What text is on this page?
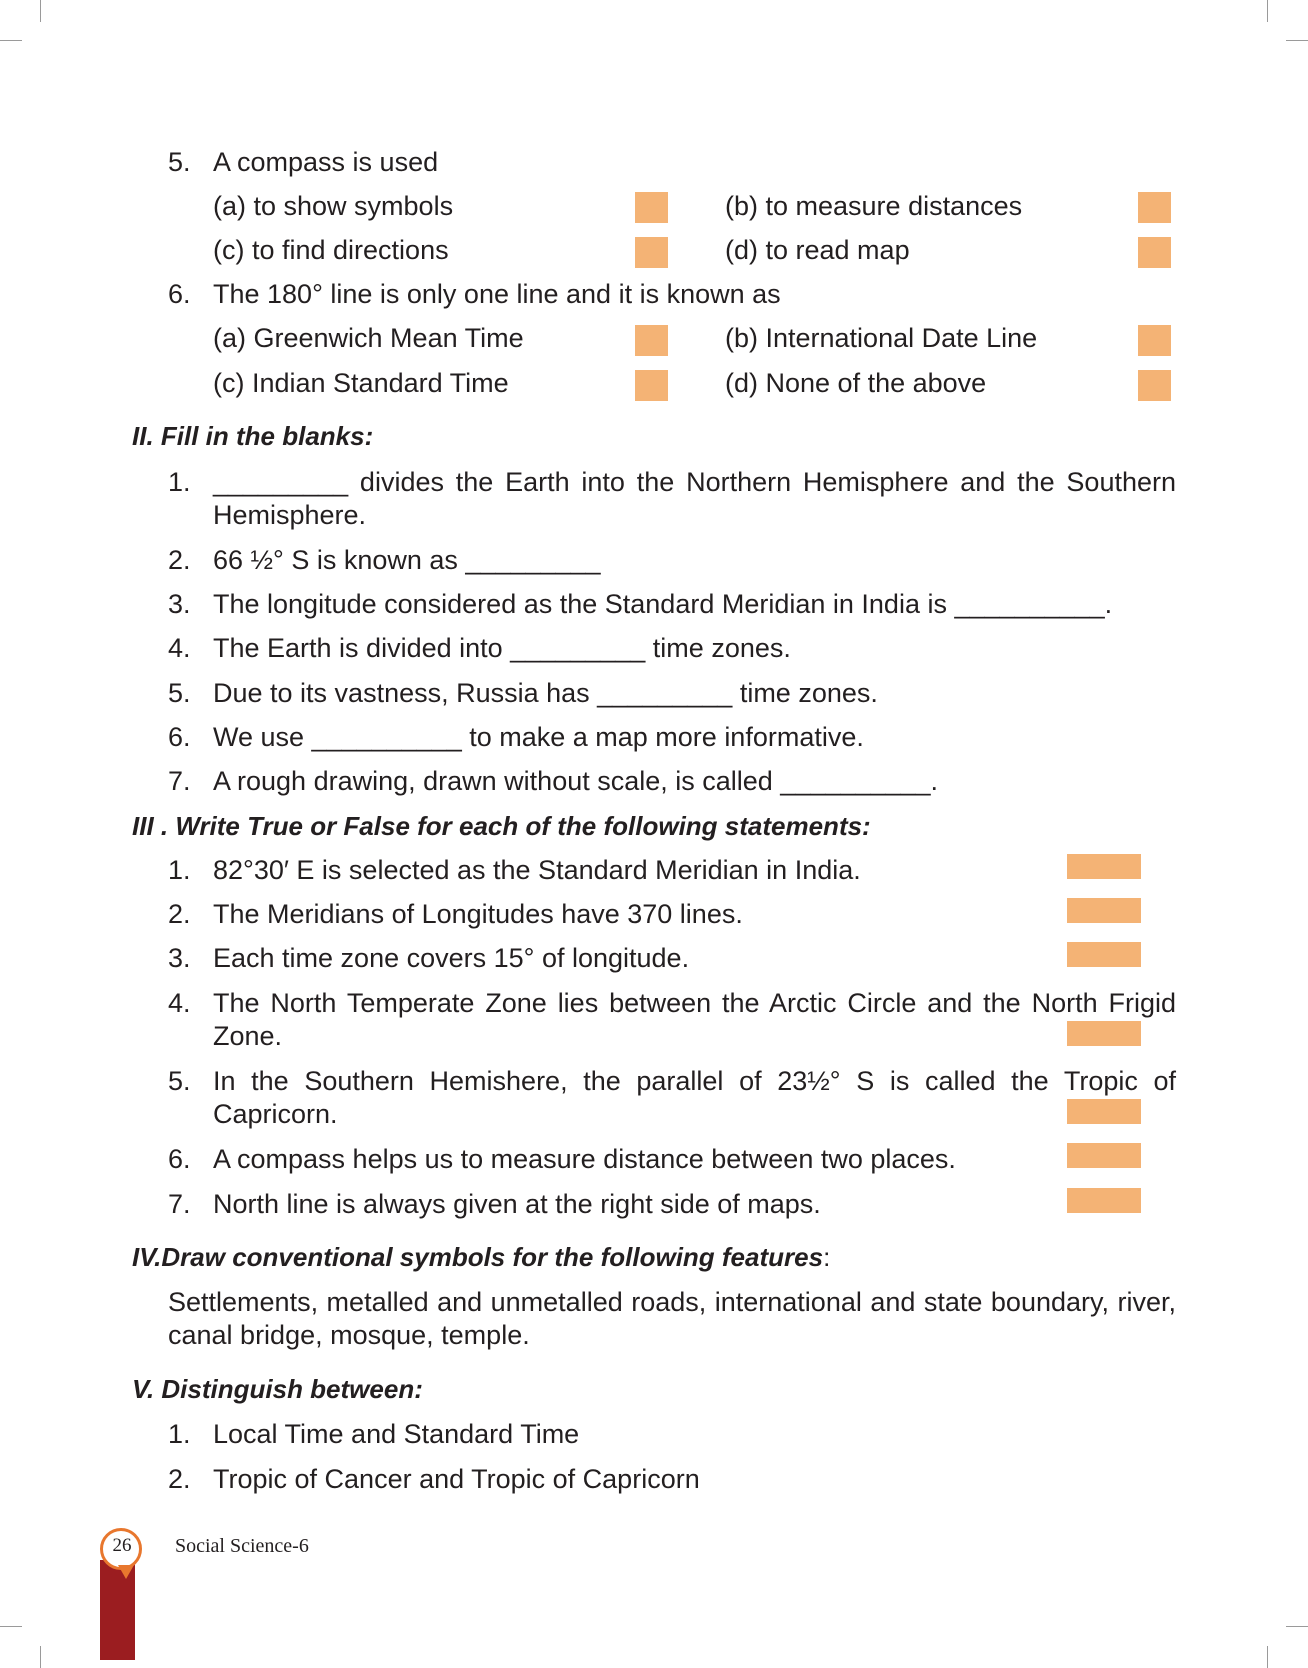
5. A compass is used
(a) to show symbols	(b) to measure distances
(c) to find directions	(d) to read map
6. The 180° line is only one line and it is known as
(a) Greenwich Mean Time	(b) International Date Line
(c) Indian Standard Time	(d) None of the above
II. Fill in the blanks:
1. _________ divides the Earth into the Northern Hemisphere and the Southern
Hemisphere.
2. 66 ½° S is known as _________
3. The longitude considered as the Standard Meridian in India is __________.
4. The Earth is divided into _________ time zones.
5. Due to its vastness, Russia has _________ time zones.
6. We use __________ to make a map more informative.
7. A rough drawing, drawn without scale, is called __________.
III . Write True or False for each of the following statements:
1. 82°30′ E is selected as the Standard Meridian in India.
2. The Meridians of Longitudes have 370 lines.
3. Each time zone covers 15° of longitude.
4. The North Temperate Zone lies between the Arctic Circle and the North Frigid
Zone.
5. In the Southern Hemishere, the parallel of 23½° S is called the Tropic of
Capricorn.
6. A compass helps us to measure distance between two places.
7. North line is always given at the right side of maps.
IV.Draw conventional symbols for the following features:
Settlements, metalled and unmetalled roads, international and state boundary, river,
canal bridge, mosque, temple.
V. Distinguish between:
1. Local Time and Standard Time
2. Tropic of Cancer and Tropic of Capricorn
26	Social Science-6
